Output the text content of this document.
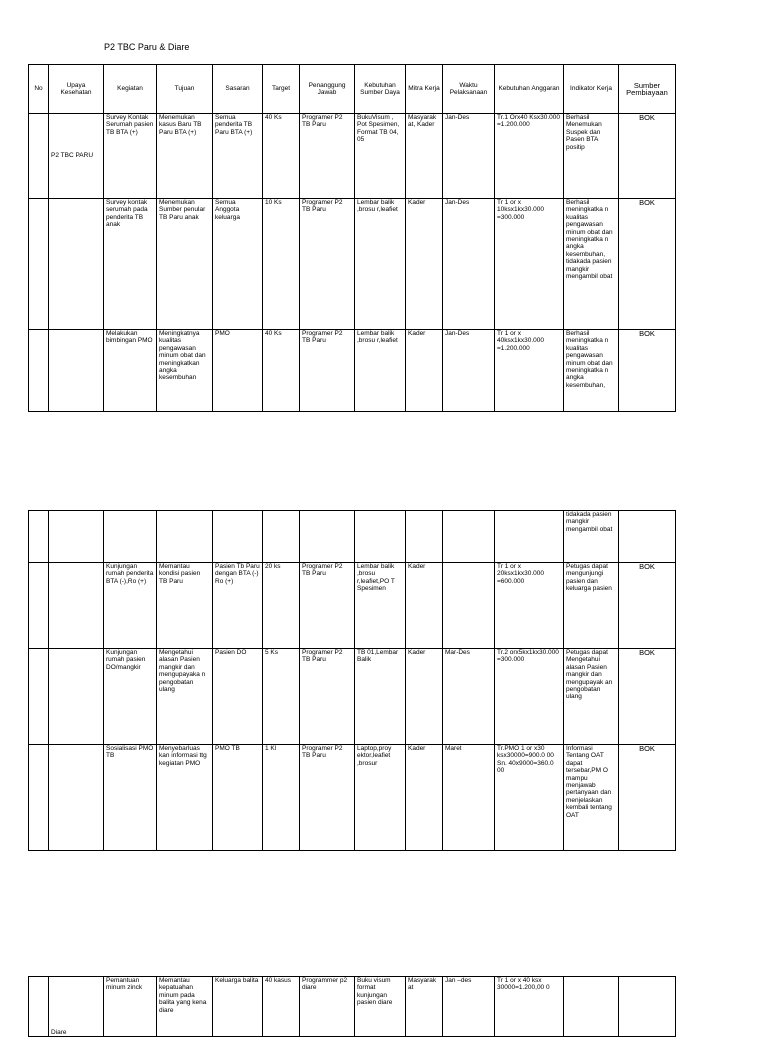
P2 TBC Paru & Diare
No	Upaya Kesehatan	Kegiatan	Tujuan	Sasaran	Target	Penanggung Jawab	Kebutuhan Sumber Daya	Mitra Kerja	Waktu Pelaksanaan	Kebutuhan Anggaran	Indikator Kerja	Sumber Pembiayaan
	P2 TBC PARU	Survey Kontak Serumah pasien TB BTA (+)	Menemukan kasus Baru TB Paru BTA (+)	Semua penderita TB Paru BTA (+)	40 Ks	Programer P2 TB Paru	BukuVisum , Pot Spesimen, Format TB 04, 05	Masyarak at, Kader	Jan-Des	Tr.1 Orx40 Ksx30.000 =1.200.000	Berhasil Menemukan Suspek dan Pasen BTA positip	BOK
		Survey kontak serumah pada penderita TB anak	Menemukan Sumber penular TB Paru anak	Semua Anggota keluarga	10 Ks	Programer P2 TB Paru	Lembar balik ,brosu r,leafiet	Kader	Jan-Des	Tr 1 or x 10ksx1kx30.000 =300.000	Berhasil meningkatka n kualitas pengawasan minum obat dan meningkatka n angka kesembuhan, tidakada pasien mangkir mengambil obat	BOK
		Melakukan bimbingan PMO	Meningkatnya kualitas pengawasan minum obat dan meningkatkan angka kesembuhan	PMO	40 Ks	Programer P2 TB Paru	Lembar balik ,brosu r,leafiet	Kader	Jan-Des	Tr 1 or x 40ksx1kx30.000 =1.200.000	Berhasil meningkatka n kualitas pengawasan minum obat dan meningkatka n angka kesembuhan,	BOK
											tidakada pasien mangkir mengambil obat	
		Kunjungan rumah penderita BTA (-),Ro (+)	Memantau kondisi pasien TB Paru	Pasien Tb Paru dengan BTA (-) Ro (+)	20 ks	Programer P2 TB Paru	Lembar balik ,brosu r,leafiet,PO T Spesimen	Kader		Tr 1 or x 20ksx1kx30.000 =600.000	Petugas dapat mengunjungi pasien dan keluarga pasien	BOK
		Kunjungan rumah pasien DO/mangkir	Mengetahui alasan Pasien mangkir dan mengupayaka n pengobatan ulang	Pasien DO	5 Ks	Programer P2 TB Paru	TB 01,Lembar Balik	Kader	Mar-Des	Tr.2 orx5kx1kx30.000 =300.000	Petugas dapat Mengetahui alasan Pasien mangkir dan mengupayak an pengobatan ulang	BOK
		Sosialisasi PMO TB	Menyebarluas kan informasi ttg kegiatan PMO	PMO TB	1 Kl	Programer P2 TB Paru	Laptop,proy ektor,leafiet ,brosur	Kader	Maret	Tr.PMO 1 or x30 ksx30000=900.0 00 Sn. 40x9000=360.0 00	Informasi Tentang OAT dapat tersebar,PM O mampu menjawab pertanyaan dan menjelaskan kembali tentang OAT	BOK
	Diare	Pemantuan minum zinck	Memantau kepatuahan minum pada balita yang kena diare	Keluarga balita	40 kasus	Programmer p2 diare	Buku visum format kunjungan pasien diare	Masyarak at	Jan –des	Tr 1 or x 40 ksx 30000=1.200,00 0		
